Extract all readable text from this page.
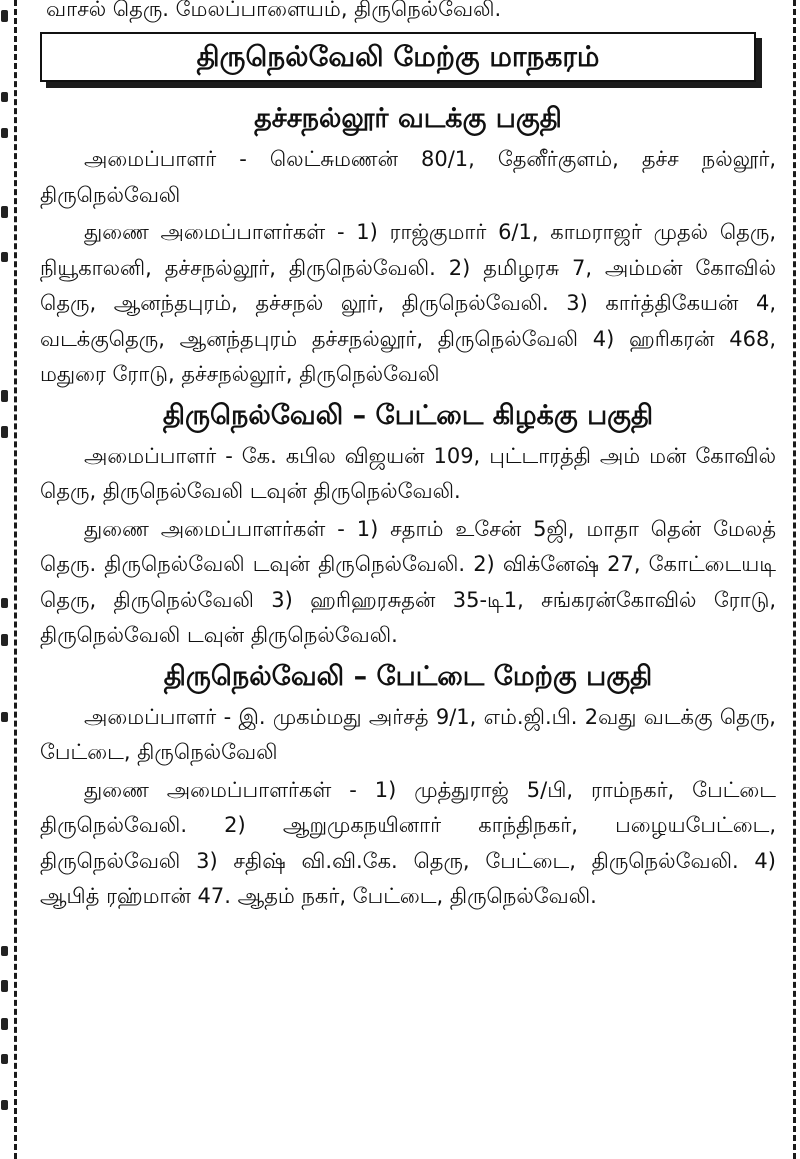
வாசல் தெரு. மேலப்பாளையம், திருநெல்வேலி.
திருநெல்வேலி மேற்கு மாநகரம்
தச்சநல்லூர் வடக்கு பகுதி

அமைப்பாளர் - லெட்சுமணன் 80/1, தேனீர்குளம், தச்ச நல்லூர், திருநெல்வேலி

துணை அமைப்பாளர்கள் - 1) ராஜ்குமார் 6/1, காமராஜர் முதல் தெரு, நியூகாலனி, தச்சநல்லூர், திருநெல்வேலி. 2) தமிழரசு 7, அம்மன் கோவில் தெரு, ஆனந்தபுரம், தச்சநல் லூர், திருநெல்வேலி. 3) கார்த்திகேயன் 4, வடக்குதெரு, ஆனந்தபுரம் தச்சநல்லூர், திருநெல்வேலி 4) ஹரிகரன் 468, மதுரை ரோடு, தச்சநல்லூர், திருநெல்வேலி

திருநெல்வேலி – பேட்டை கிழக்கு பகுதி

அமைப்பாளர் - கே. கபில விஜயன் 109, புட்டாரத்தி அம் மன் கோவில் தெரு, திருநெல்வேலி டவுன் திருநெல்வேலி.

துணை அமைப்பாளர்கள் - 1) சதாம் உசேன் 5ஜி, மாதா தென் மேலத் தெரு. திருநெல்வேலி டவுன் திருநெல்வேலி. 2) விக்னேஷ் 27, கோட்டையடி தெரு, திருநெல்வேலி 3) ஹரிஹரசுதன் 35-டி1, சங்கரன்கோவில் ரோடு, திருநெல்வேலி டவுன் திருநெல்வேலி.

திருநெல்வேலி – பேட்டை மேற்கு பகுதி

அமைப்பாளர் - இ. முகம்மது அர்சத் 9/1, எம்.ஜி.பி. 2வது வடக்கு தெரு, பேட்டை, திருநெல்வேலி

துணை அமைப்பாளர்கள் - 1) முத்துராஜ் 5/பி, ராம்நகர், பேட்டை திருநெல்வேலி. 2) ஆறுமுகநயினார் காந்திநகர், பழையபேட்டை, திருநெல்வேலி 3) சதிஷ் வி.வி.கே. தெரு, பேட்டை, திருநெல்வேலி. 4) ஆபித் ரஹ்மான் 47. ஆதம் நகர், பேட்டை, திருநெல்வேலி.
